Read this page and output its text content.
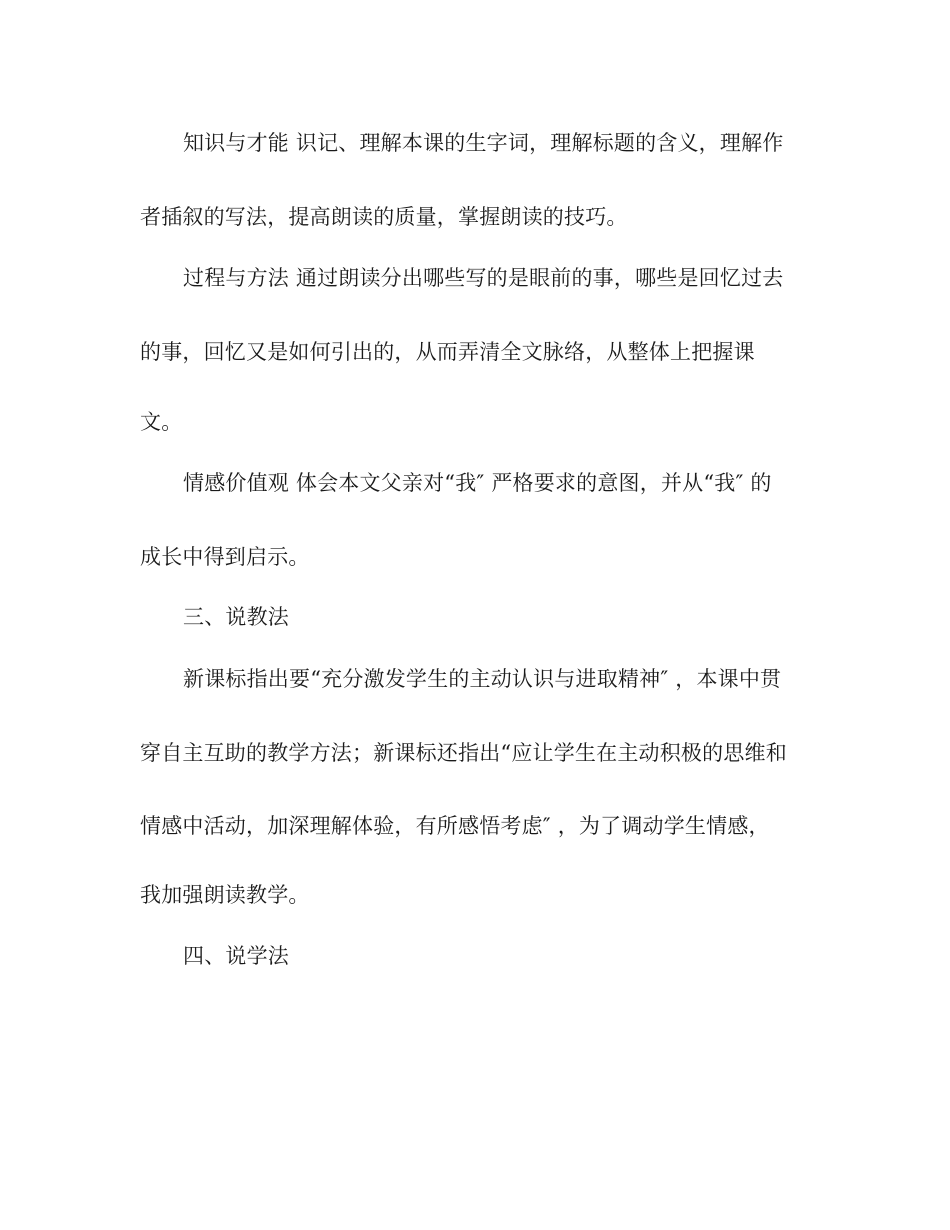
知识与才能 识记、理解本课的生字词，理解标题的含义，理解作
者插叙的写法，提高朗读的质量，掌握朗读的技巧。
过程与方法 通过朗读分出哪些写的是眼前的事，哪些是回忆过去
的事，回忆又是如何引出的，从而弄清全文脉络，从整体上把握课
文。
情感价值观 体会本文父亲对“我″ 严格要求的意图，并从“我″ 的
成长中得到启示。
三、说教法
新课标指出要“充分激发学生的主动认识与进取精神″ ，本课中贯
穿自主互助的教学方法；新课标还指出“应让学生在主动积极的思维和
情感中活动，加深理解体验，有所感悟考虑″ ，为了调动学生情感，
我加强朗读教学。
四、说学法
